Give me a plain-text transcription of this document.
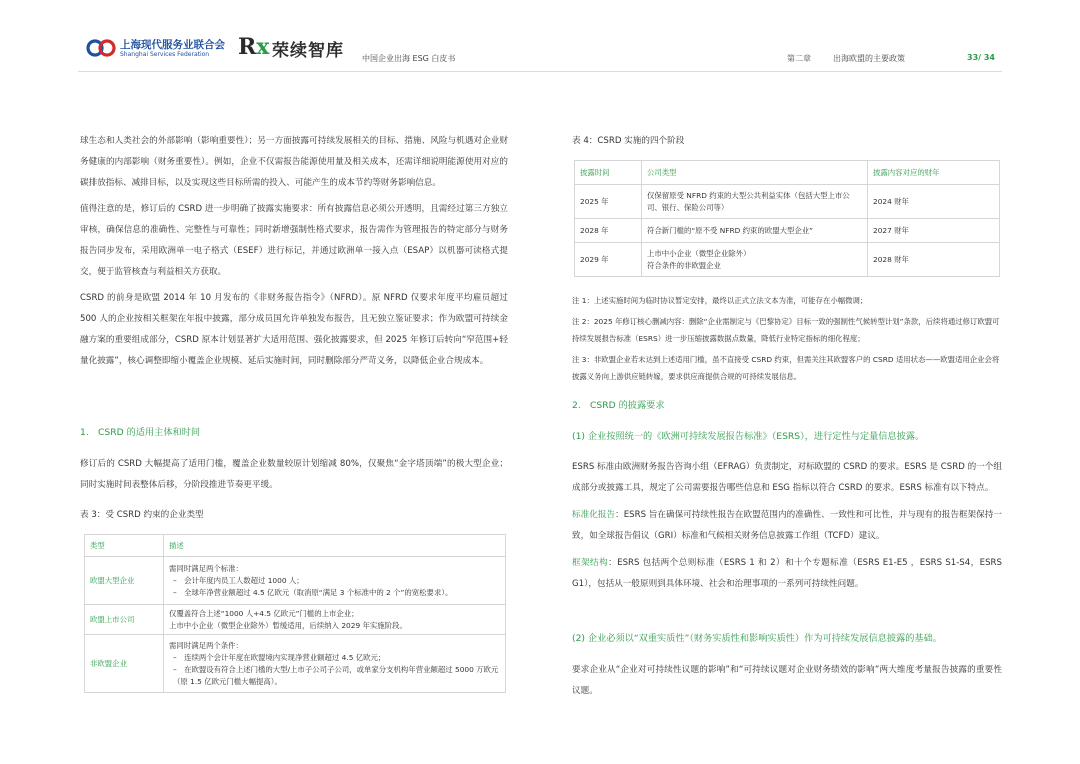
上海现代服务业联合会
Shanghai Services Federation Rx 荣续智库 中国企业出海 ESG 白皮书	第二章	出海欧盟的主要政策	33/ 34

球生态和人类社会的外部影响（影响重要性）；另一方面披露可持续发展相关的目标、措施、风险与机遇对企业财务健康的内部影响（财务重要性）。例如，企业不仅需报告能源使用量及相关成本，还需详细说明能源使用对应的碳排放指标、减排目标，以及实现这些目标所需的投入、可能产生的成本节约等财务影响信息。

值得注意的是，修订后的 CSRD 进一步明确了披露实施要求：所有披露信息必须公开透明，且需经过第三方独立审核，确保信息的准确性、完整性与可靠性；同时新增强制性格式要求，报告需作为管理报告的特定部分与财务报告同步发布，采用欧洲单一电子格式（ESEF）进行标记，并通过欧洲单一接入点（ESAP）以机器可读格式提交，便于监管核查与利益相关方获取。

CSRD 的前身是欧盟 2014 年 10 月发布的《非财务报告指令》（NFRD）。原 NFRD 仅要求年度平均雇员超过 500 人的企业按相关框架在年报中披露，部分成员国允许单独发布报告，且无独立鉴证要求；作为欧盟可持续金融方案的重要组成部分，CSRD 原本计划显著扩大适用范围、强化披露要求，但 2025 年修订后转向“窄范围+轻量化披露”，核心调整即缩小覆盖企业规模、延后实施时间，同时删除部分严苛义务，以降低企业合规成本。

1.　CSRD 的适用主体和时间

修订后的 CSRD 大幅提高了适用门槛，覆盖企业数量较原计划缩减 80%，仅聚焦“金字塔顶端”的极大型企业；同时实施时间表整体后移，分阶段推进节奏更平缓。

表 3：受 CSRD 约束的企业类型

类型	描述
欧盟大型企业	需同时满足两个标准：
–　会计年度内员工人数超过 1000 人；
–　全球年净营业额超过 4.5 亿欧元（取消原“满足 3 个标准中的 2 个”的宽松要求）。

欧盟上市公司	仅覆盖符合上述“1000 人+4.5 亿欧元”门槛的上市企业；
上市中小企业（微型企业除外）暂缓适用，后续纳入 2029 年实施阶段。

非欧盟企业	需同时满足两个条件：
–　连续两个会计年度在欧盟境内实现净营业额超过 4.5 亿欧元；
–　在欧盟设有符合上述门槛的大型/上市子公司子公司，或单家分支机构年营业额超过 5000 万欧元（原 1.5 亿欧元门槛大幅提高）。

表 4：CSRD 实施的四个阶段

披露时间	公司类型	披露内容对应的财年
2025 年	仅保留原受 NFRD 约束的大型公共利益实体（包括大型上市公
司、银行、保险公司等）	2024 财年
2028 年	符合新门槛的“原不受 NFRD 约束的欧盟大型企业”	2027 财年
2029 年	上市中小企业（微型企业除外）
符合条件的非欧盟企业	2028 财年

注 1：上述实施时间为临时协议暂定安排，最终以正式立法文本为准，可能存在小幅微调；

注 2：2025 年修订核心删减内容：删除“企业需制定与《巴黎协定》目标一致的强制性气候转型计划”条款，后续将通过修订欧盟可持续发展报告标准（ESRS）进一步压缩披露数据点数量，降低行业特定指标的细化程度；

注 3：非欧盟企业若未达到上述适用门槛，虽不直接受 CSRD 约束，但需关注其欧盟客户的 CSRD 适用状态——欧盟适用企业会将披露义务向上游供应链转嫁，要求供应商提供合规的可持续发展信息。

2.　CSRD 的披露要求

(1) 企业按照统一的《欧洲可持续发展报告标准》（ESRS），进行定性与定量信息披露。

ESRS 标准由欧洲财务报告咨询小组（EFRAG）负责制定，对标欧盟的 CSRD 的要求。ESRS 是 CSRD 的一个组成部分或披露工具，规定了公司需要报告哪些信息和 ESG 指标以符合 CSRD 的要求。ESRS 标准有以下特点。

标准化报告：ESRS 旨在确保可持续性报告在欧盟范围内的准确性、一致性和可比性，并与现有的报告框架保持一致，如全球报告倡议（GRI）标准和气候相关财务信息披露工作组（TCFD）建议。

框架结构：ESRS 包括两个总则标准（ESRS 1 和 2）和十个专题标准（ESRS E1-E5 ，ESRS S1-S4，ESRS G1），包括从一般原则到具体环境、社会和治理事项的一系列可持续性问题。

(2) 企业必须以“双重实质性”（财务实质性和影响实质性）作为可持续发展信息披露的基础。

要求企业从“企业对可持续性议题的影响”和“可持续议题对企业财务绩效的影响”两大维度考量报告披露的重要性议题。
